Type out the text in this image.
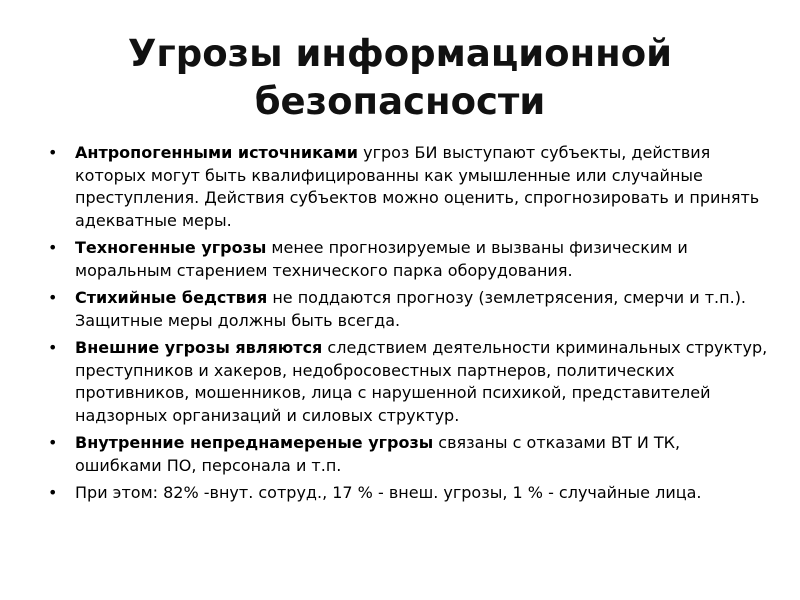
Угрозы информационной
безопасности
• Антропогенными источниками угроз БИ выступают субъекты, действия которых могут быть квалифицированны как умышленные или случайные преступления. Действия субъектов можно оценить, спрогнозировать и принять адекватные меры.
• Техногенные угрозы менее прогнозируемые и вызваны физическим и моральным старением технического парка оборудования.
• Стихийные бедствия не поддаются прогнозу (землетрясения, смерчи и т.п.). Защитные меры должны быть всегда.
• Внешние угрозы являются следствием деятельности криминальных структур, преступников и хакеров, недобросовестных партнеров, политических противников, мошенников, лица с нарушенной психикой, представителей надзорных организаций и силовых структур.
• Внутренние непреднамереные угрозы связаны с отказами ВТ И ТК, ошибками ПО, персонала и т.п.
• При этом: 82% -внут. сотруд., 17 % - внеш. угрозы, 1 % - случайные лица.
